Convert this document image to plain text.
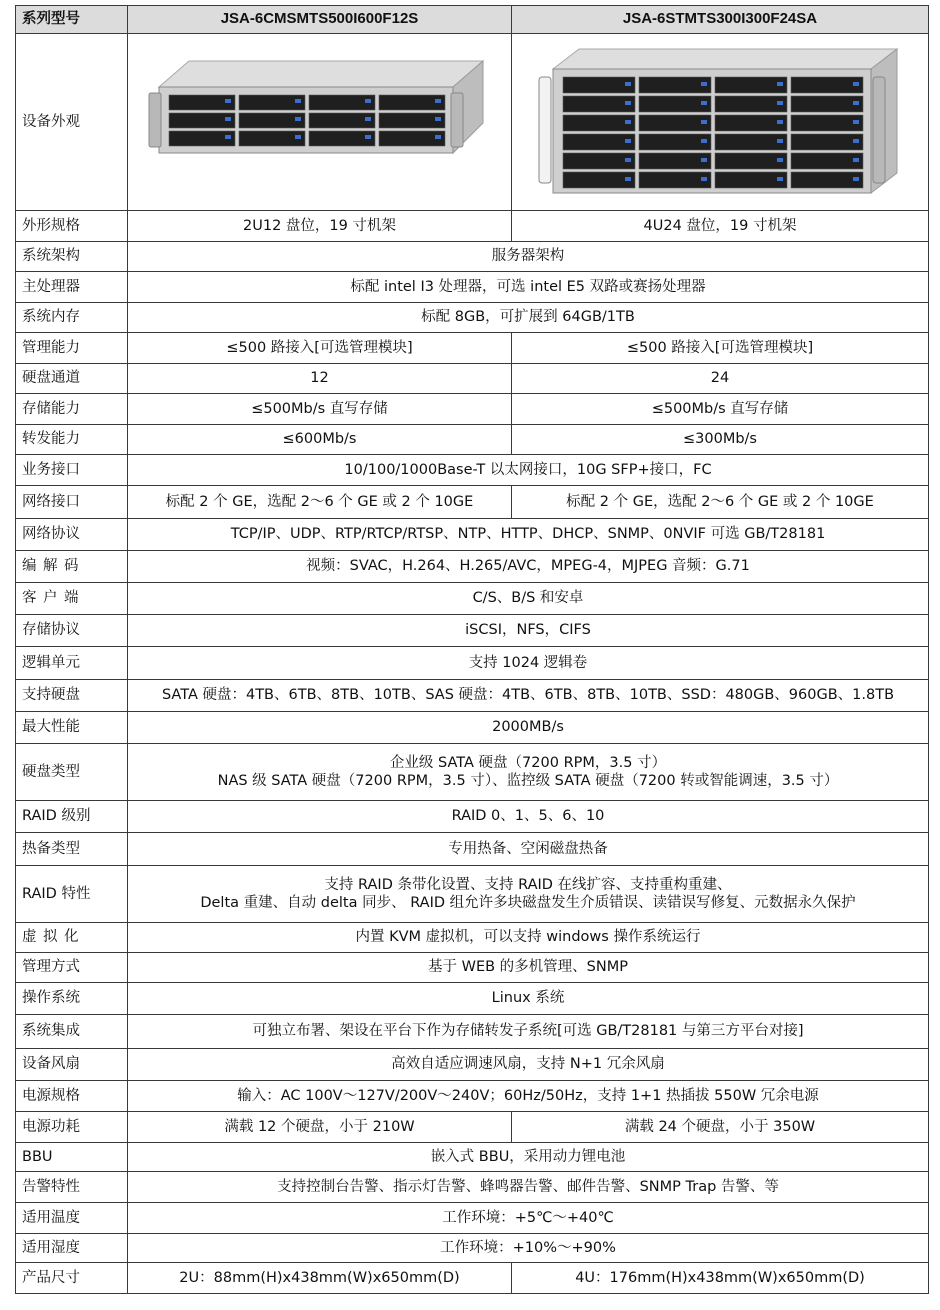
系列型号	JSA-6CMSMTS500I600F12S	JSA-6STMTS300I300F24SA
设备外观	

外形规格	2U12 盘位，19 寸机架	4U24 盘位，19 寸机架
系统架构	服务器架构	
主处理器	标配 intel I3 处理器，可选 intel E5 双路或赛扬处理器	
系统内存	标配 8GB，可扩展到 64GB/1TB	
管理能力	≤500 路接入[可选管理模块]	≤500 路接入[可选管理模块]
硬盘通道	12	24
存储能力	≤500Mb/s 直写存储	≤500Mb/s 直写存储
转发能力	≤600Mb/s	≤300Mb/s
业务接口	10/100/1000Base-T 以太网接口，10G SFP+接口，FC	
网络接口	标配 2 个 GE，选配 2～6 个 GE 或 2 个 10GE	标配 2 个 GE，选配 2～6 个 GE 或 2 个 10GE
网络协议	TCP/IP、UDP、RTP/RTCP/RTSP、NTP、HTTP、DHCP、SNMP、0NVIF 可选 GB/T28181	
编解码	视频：SVAC，H.264、H.265/AVC，MPEG-4，MJPEG 音频：G.71	
客户端	C/S、B/S 和安卓	
存储协议	iSCSI，NFS，CIFS	
逻辑单元	支持 1024 逻辑卷	
支持硬盘	SATA 硬盘：4TB、6TB、8TB、10TB、SAS 硬盘：4TB、6TB、8TB、10TB、SSD：480GB、960GB、1.8TB	
最大性能	2000MB/s	
硬盘类型	企业级 SATA 硬盘（7200 RPM，3.5 寸）
NAS 级 SATA 硬盘（7200 RPM，3.5 寸）、监控级 SATA 硬盘（7200 转或智能调速，3.5 寸）	

RAID 级别	RAID 0、1、5、6、10	
热备类型	专用热备、空闲磁盘热备	
RAID 特性	支持 RAID 条带化设置、支持 RAID 在线扩容、支持重构重建、
Delta 重建、自动 delta 同步、 RAID 组允许多块磁盘发生介质错误、读错误写修复、元数据永久保护	

虚拟化	内置 KVM 虚拟机，可以支持 windows 操作系统运行	
管理方式	基于 WEB 的多机管理、SNMP	
操作系统	Linux 系统	
系统集成	可独立布署、架设在平台下作为存储转发子系统[可选 GB/T28181 与第三方平台对接]	
设备风扇	高效自适应调速风扇，支持 N+1 冗余风扇	
电源规格	输入：AC 100V～127V/200V～240V；60Hz/50Hz，支持 1+1 热插拔 550W 冗余电源	
电源功耗	满载 12 个硬盘，小于 210W	满载 24 个硬盘，小于 350W
BBU	嵌入式 BBU，采用动力锂电池	
告警特性	支持控制台告警、指示灯告警、蜂鸣器告警、邮件告警、SNMP Trap 告警、等	
适用温度	工作环境：+5℃～+40℃	
适用湿度	工作环境：+10%～+90%	
产品尺寸	2U：88mm(H)x438mm(W)x650mm(D)	4U：176mm(H)x438mm(W)x650mm(D)
